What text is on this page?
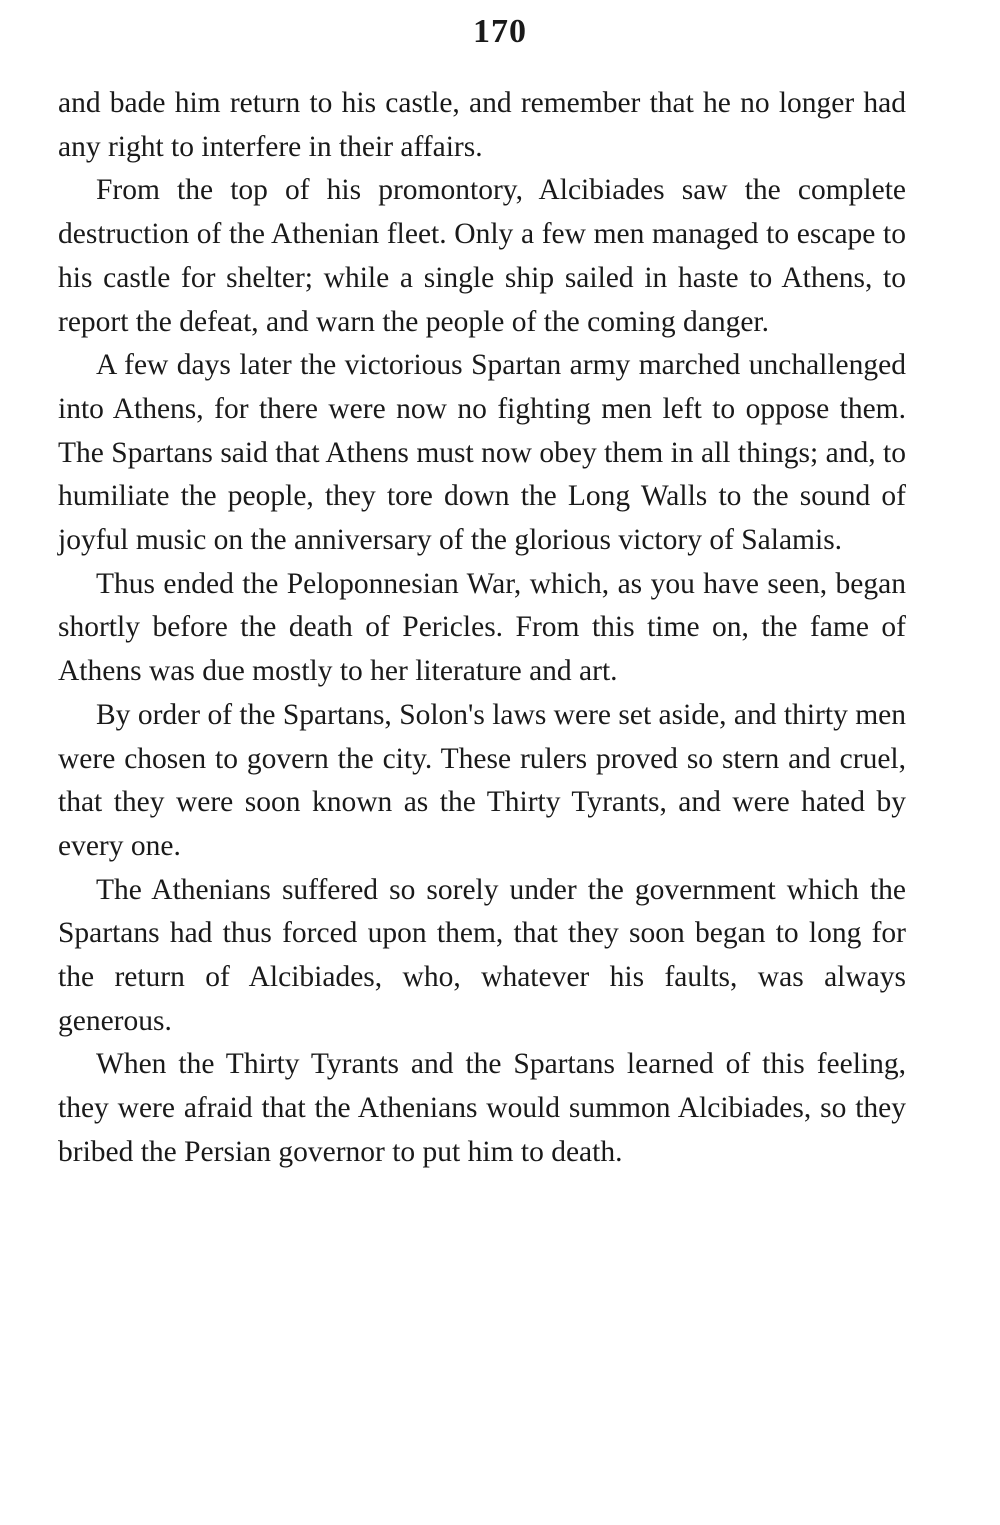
170

and bade him return to his castle, and remember that he no longer had any right to interfere in their affairs.

From the top of his promontory, Alcibiades saw the complete destruction of the Athenian fleet. Only a few men managed to escape to his castle for shelter; while a single ship sailed in haste to Athens, to report the defeat, and warn the people of the coming danger.

A few days later the victorious Spartan army marched unchallenged into Athens, for there were now no fighting men left to oppose them. The Spartans said that Athens must now obey them in all things; and, to humiliate the people, they tore down the Long Walls to the sound of joyful music on the anniversary of the glorious victory of Salamis.

Thus ended the Peloponnesian War, which, as you have seen, began shortly before the death of Pericles. From this time on, the fame of Athens was due mostly to her literature and art.

By order of the Spartans, Solon's laws were set aside, and thirty men were chosen to govern the city. These rulers proved so stern and cruel, that they were soon known as the Thirty Tyrants, and were hated by every one.

The Athenians suffered so sorely under the government which the Spartans had thus forced upon them, that they soon began to long for the return of Alcibiades, who, whatever his faults, was always generous.

When the Thirty Tyrants and the Spartans learned of this feeling, they were afraid that the Athenians would summon Alcibiades, so they bribed the Persian governor to put him to death.
